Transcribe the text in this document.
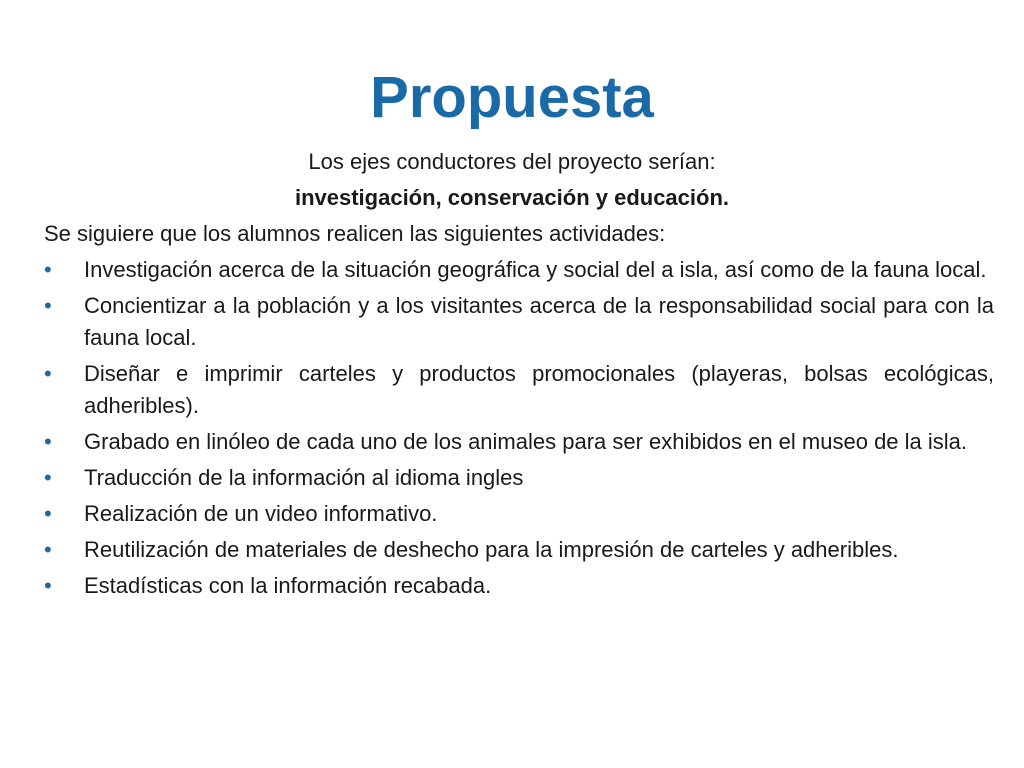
Propuesta
Los ejes conductores del proyecto serían:
investigación, conservación y educación.
Se siguiere que los alumnos realicen las siguientes actividades:
•	Investigación acerca de la situación geográfica y social del a isla, así como de la fauna local.
•	Concientizar a la población y a los visitantes acerca de la responsabilidad social para con la fauna local.
•	Diseñar e imprimir carteles y productos promocionales (playeras, bolsas ecológicas, adheribles).
•	Grabado en linóleo de cada uno de los animales para ser exhibidos en el museo de la isla.
•	Traducción de la información al idioma ingles
•	Realización de un video informativo.
•	Reutilización de materiales de deshecho para la impresión de carteles y adheribles.
•	Estadísticas con la información recabada.
